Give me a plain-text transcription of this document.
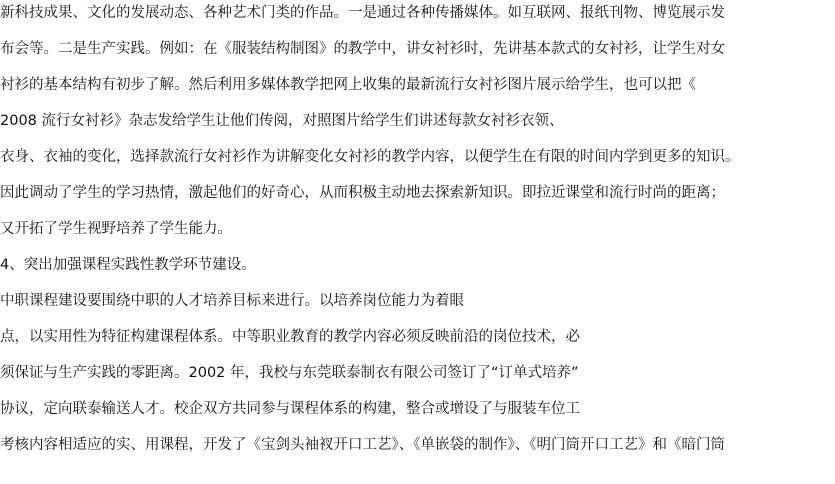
新科技成果、文化的发展动态、各种艺术门类的作品。一是通过各种传播媒体。如互联网、报纸刊物、博览展示发
布会等。二是生产实践。例如：在《服装结构制图》的教学中，讲女衬衫时，先讲基本款式的女衬衫，让学生对女
衬衫的基本结构有初步了解。然后利用多媒体教学把网上收集的最新流行女衬衫图片展示给学生，也可以把《
2008 流行女衬衫》杂志发给学生让他们传阅，对照图片给学生们讲述每款女衬衫衣领、
衣身、衣袖的变化，选择款流行女衬衫作为讲解变化女衬衫的教学内容，以便学生在有限的时间内学到更多的知识。
因此调动了学生的学习热情，激起他们的好奇心，从而积极主动地去探索新知识。即拉近课堂和流行时尚的距离；
又开拓了学生视野培养了学生能力。
4、突出加强课程实践性教学环节建设。
中职课程建设要围绕中职的人才培养目标来进行。以培养岗位能力为着眼
点，以实用性为特征构建课程体系。中等职业教育的教学内容必须反映前沿的岗位技术，必
须保证与生产实践的零距离。2002 年，我校与东莞联泰制衣有限公司签订了“订单式培养”
协议，定向联泰输送人才。校企双方共同参与课程体系的构建，整合或增设了与服装车位工
考核内容相适应的实、用课程，开发了《宝剑头袖衩开口工艺》、《单嵌袋的制作》、《明门筒开口工艺》和《暗门筒
